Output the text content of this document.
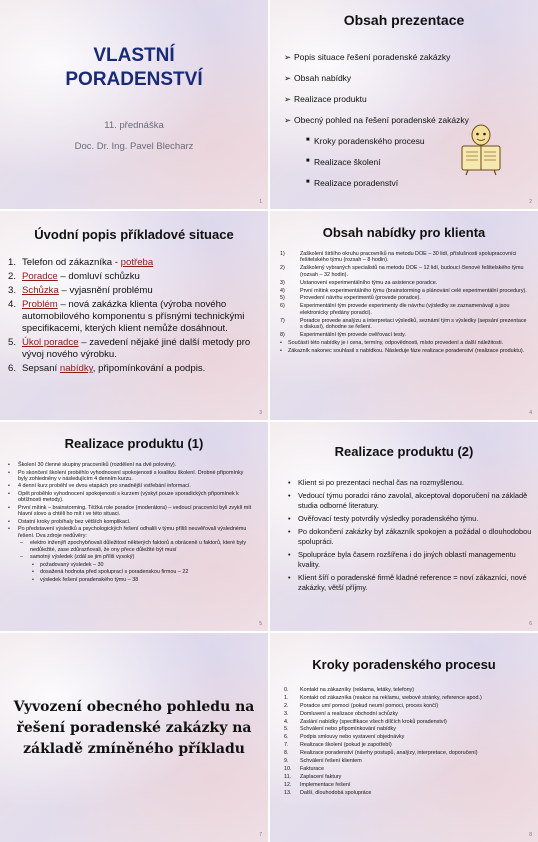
VLASTNÍ
PORADENSTVÍ
11. přednáška
Doc. Dr. Ing. Pavel Blecharz
1
Obsah prezentace
➢ Popis situace řešení poradenské zakázky
➢ Obsah nabídky
➢ Realizace produktu
➢ Obecný pohled na řešení poradenské zakázky
■ Kroky poradenského procesu
■ Realizace školení
■ Realizace poradenství
2
Úvodní popis příkladové situace
1. Telefon od zákazníka - potřeba
2. Poradce – domluví schůzku
3. Schůzka – vyjasnění problému
4. Problém – nová zakázka klienta (výroba nového automobilového komponentu s přísnými technickými specifikacemi, kterých klient nemůže dosáhnout.
5. Úkol poradce – zavedení nějaké jiné další metody pro vývoj nového výrobku.
6. Sepsaní nabídky, připomínkování a podpis.
3
Obsah nabídky pro klienta
1)	Zaškolení širšího okruhu pracovníků na metodu DOE – 30 lidí, příslušnosti spolupracovníci řešitelského týmu (rozsah – 8 hodin).
2)	Zaškolený vybraných specialistů na metodu DOE – 12 lidí, budoucí členové řešitelského týmu (rozsah – 32 hodin).
3)	Ustanovení experimentálního týmu za asistence poradce.
4)	První mítink experimentálního týmu (brainstorming a plánování celé experimentální procedury).
5)	Provedení návrhu experimentů (provede poradce).
6)	Experimentální tým provede experimenty dle návrhu (výsledky se zaznamenávají a jsou elektronicky předány poradci).
7)	Poradce provede analýzu a interpretaci výsledků, seznámí tým s výsledky (sepsání prezentace s diskusí), dohodne se řešení.
8)	Experimentální tým provede ověřovací testy.
• Součástí této nabídky je i cena, termíny, odpovědnosti, místo provedení a další náležitosti.
• Zákazník nakonec souhlasil s nabídkou. Následuje fáze realizace poradenství (realizace produktu).
4
Realizace produktu (1)
• Školení 30 členné skupiny pracovníků (rozdělení na dvě poloviny).
• Po skončení školení proběhlo vyhodnocení spokojenosti s kvalitou školení. Drobné připomínky byly zohledněny v následujícím 4 denním kurzu.
• 4 denní kurz proběhl ve dvou etapách pro snadnější vstřebání informací.
• Opět proběhlo vyhodnocení spokojenosti s kurzem (výskyt pouze sporadických připomínek k obtížnosti metody).
• První mítink – brainstorming. Těžká role poradce (moderátora) – vedoucí pracovníci byli zvyklí mít hlavní slovo a chtěli ho mít i ve této situaci.
• Ostatní kroky probíhaly bez větších komplikací.
• Po představení výsledků a psychologických řešení odhalili v týmu příliš neuvěřovali výslednému řešení. Dva zdroje nedůvěry:
– elektro inženýři zpochybňovali důležitost některých faktorů a obráceně u faktorů, které byly nedůležité, zase zdůrazňovali, že ony přece důležité být musí
– samotný výsledek (zdál se jim příliš vysoký)
• požadovaný výsledek – 30
• dosažená hodnota před spoluprací s poradenskou firmou – 22
• výsledek řešení poradenského týmu – 38
5
Realizace produktu (2)
• Klient si po prezentaci nechal čas na rozmyšlenou.
• Vedoucí týmu poradci ráno zavolal, akceptoval doporučení na základě studia odborné literatury.
• Ověřovací testy potvrdily výsledky poradenského týmu.
• Po dokončení zakázky byl zákazník spokojen a požádal o dlouhodobou spolupráci.
• Spolupráce byla časem rozšířena i do jiných oblastí managementu kvality.
• Klient šíří o poradenské firmě kladné reference = noví zákazníci, nové zakázky, větší příjmy.
6
Vyvození obecného pohledu na řešení poradenské zakázky na základě zmíněného příkladu
7
Kroky poradenského procesu
0. Kontakt na zákazníky (reklama, letáky, telefony)
1. Kontakt od zákazníka (reakce na reklamu, webové stránky, reference apod.)
2. Poradce umí pomoci (pokud neumí pomoci, proces končí)
3. Domluvení a realizace obchodní schůzky
4. Zaslání nabídky (specifikace všech dílčích kroků poradenství)
5. Schválení nebo připomínkování nabídky
6. Podpis smlouvy nebo vystavení objednávky
7. Realizace školení (pokud je zapotřebí)
8. Realizace poradenství (návrhy postupů, analýzy, interpretace, doporučení)
9. Schválení řešení klientem
10. Fakturace
11. Zaplacení faktury
12. Implementace řešení
13. Další, dlouhodobá spolupráce
8
